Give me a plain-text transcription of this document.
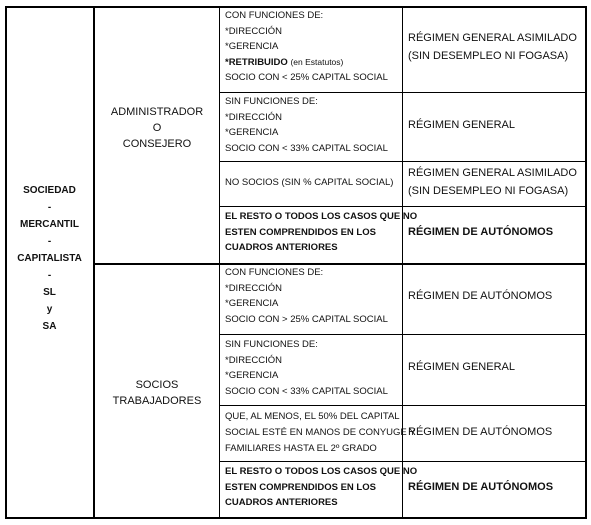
SOCIEDAD
-
MERCANTIL
-
CAPITALISTA
-
SL
y
SA
ADMINISTRADOR
O
CONSEJERO
SOCIOS TRABAJADORES
CON FUNCIONES DE:
*DIRECCIÓN
*GERENCIA
*RETRIBUIDO (en Estatutos)
SOCIO CON < 25% CAPITAL SOCIAL
RÉGIMEN GENERAL ASIMILADO
(SIN DESEMPLEO NI FOGASA)
SIN FUNCIONES DE:
*DIRECCIÓN
*GERENCIA
SOCIO CON < 33% CAPITAL SOCIAL
RÉGIMEN GENERAL
NO SOCIOS (SIN % CAPITAL SOCIAL)
RÉGIMEN GENERAL ASIMILADO
(SIN DESEMPLEO NI FOGASA)
EL RESTO O TODOS LOS CASOS QUE NO
ESTEN COMPRENDIDOS EN LOS
CUADROS ANTERIORES
RÉGIMEN DE AUTÓNOMOS
CON FUNCIONES DE:
*DIRECCIÓN
*GERENCIA
SOCIO CON > 25% CAPITAL SOCIAL
RÉGIMEN DE AUTÓNOMOS
SIN FUNCIONES DE:
*DIRECCIÓN
*GERENCIA
SOCIO CON < 33% CAPITAL SOCIAL
RÉGIMEN GENERAL
QUE, AL MENOS, EL 50% DEL CAPITAL
SOCIAL ESTÉ EN MANOS DE CONYUGE Y
FAMILIARES HASTA EL 2º GRADO
RÉGIMEN DE AUTÓNOMOS
EL RESTO O TODOS LOS CASOS QUE NO
ESTEN COMPRENDIDOS EN LOS
CUADROS ANTERIORES
RÉGIMEN DE AUTÓNOMOS
